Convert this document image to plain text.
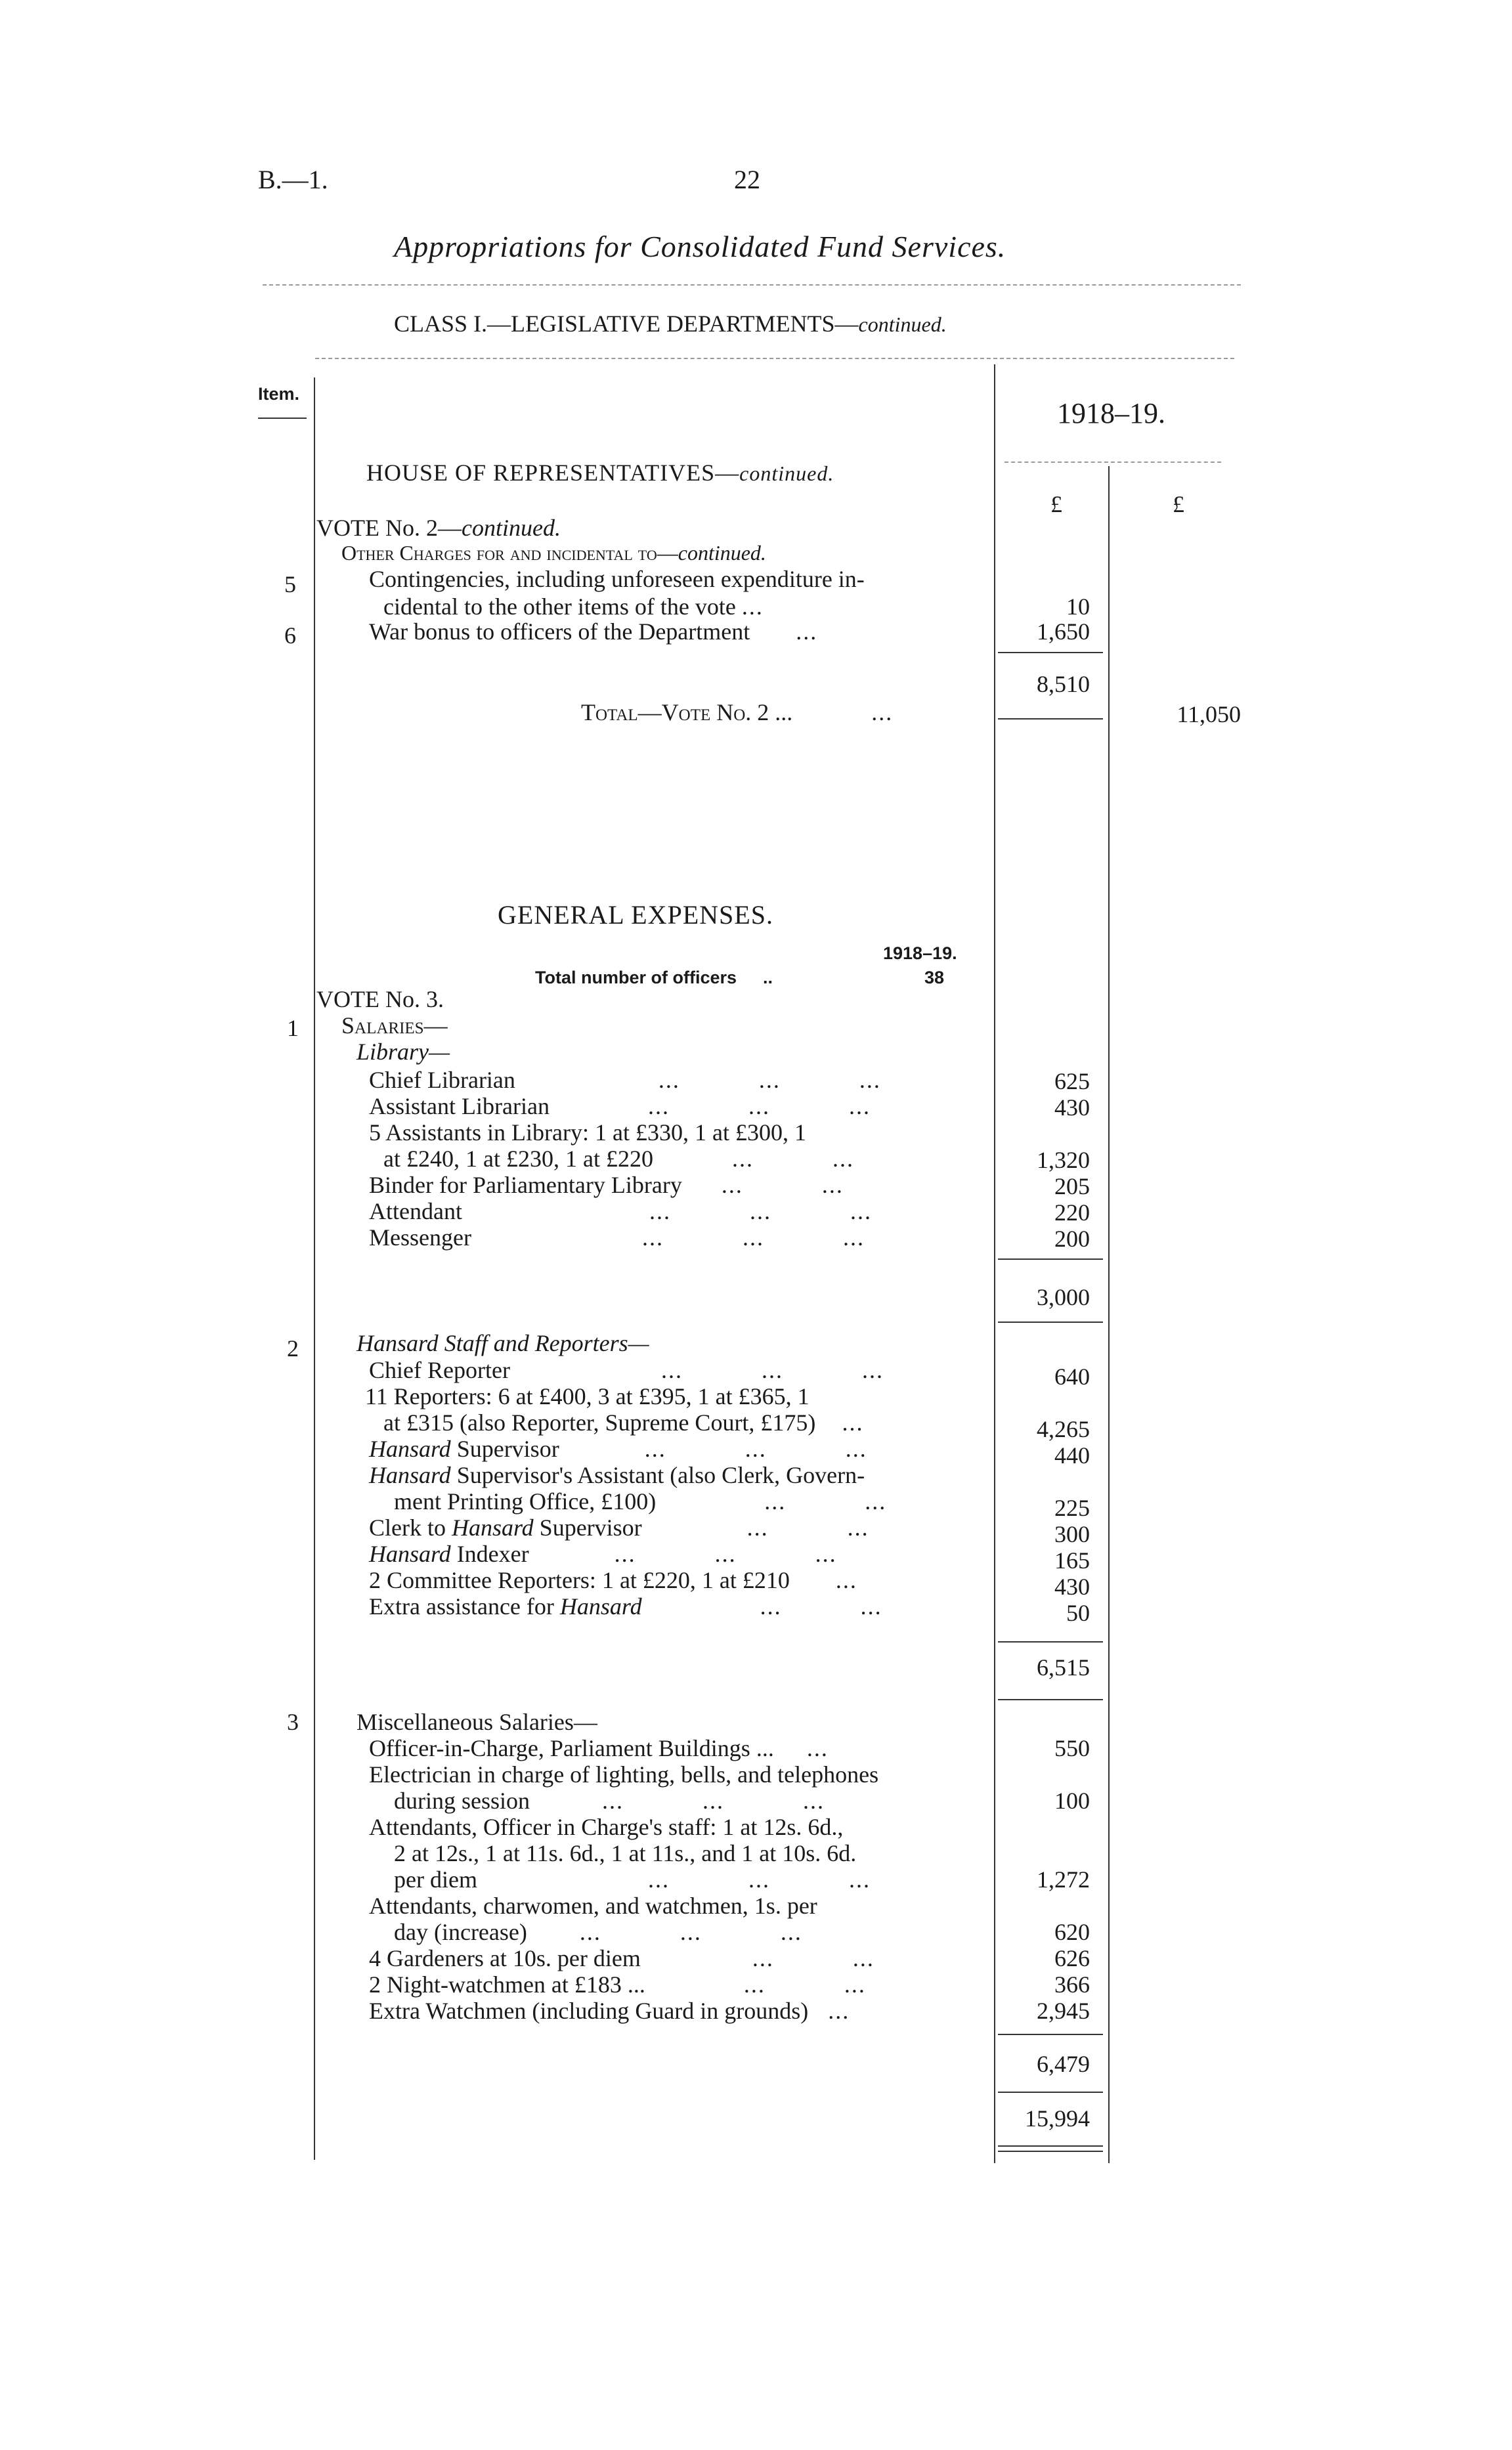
B.—1.	22
Appropriations for Consolidated Fund Services.
CLASS I.—LEGISLATIVE DEPARTMENTS—continued.
Item.
1918–19.
£	£
HOUSE OF REPRESENTATIVES—continued.
VOTE No. 2—continued.
Other Charges for and incidental to—continued.
5	Contingencies, including unforeseen expenditure in-
cidental to the other items of the vote ...	10
6	War bonus to officers of the Department ...	1,650
8,510
Total—Vote No. 2 ...	...	11,050
GENERAL EXPENSES.
1918–19.
Total number of officers ..	38
VOTE No. 3.
1 Salaries—
Library—
Chief Librarian	...	...	...	625
Assistant Librarian	...	...	...	430
5 Assistants in Library: 1 at £330, 1 at £300, 1
at £240, 1 at £230, 1 at £220	...	...	1,320
Binder for Parliamentary Library ...	...	205
Attendant	...	...	...	220
Messenger	...	...	...	200
3,000
2 Hansard Staff and Reporters—
Chief Reporter	...	...	...	640
11 Reporters: 6 at £400, 3 at £395, 1 at £365, 1
at £315 (also Reporter, Supreme Court, £175) ...	4,265
Hansard Supervisor	...	...	...	440
Hansard Supervisor's Assistant (also Clerk, Govern-
ment Printing Office, £100)	...	...	225
Clerk to Hansard Supervisor	...	...	300
Hansard Indexer	...	...	...	165
2 Committee Reporters: 1 at £220, 1 at £210 ...	430
Extra assistance for Hansard	...	...	50
6,515
3 Miscellaneous Salaries—
Officer-in-Charge, Parliament Buildings ... ...	550
Electrician in charge of lighting, bells, and telephones
during session	...	...	...	100
Attendants, Officer in Charge's staff: 1 at 12s. 6d.,
2 at 12s., 1 at 11s. 6d., 1 at 11s., and 1 at 10s. 6d.
per diem	...	...	...	1,272
Attendants, charwomen, and watchmen, 1s. per
day (increase) ...	...	...	620
4 Gardeners at 10s. per diem	...	...	626
2 Night-watchmen at £183 ...	...	...	366
Extra Watchmen (including Guard in grounds) ...	2,945
6,479
15,994
